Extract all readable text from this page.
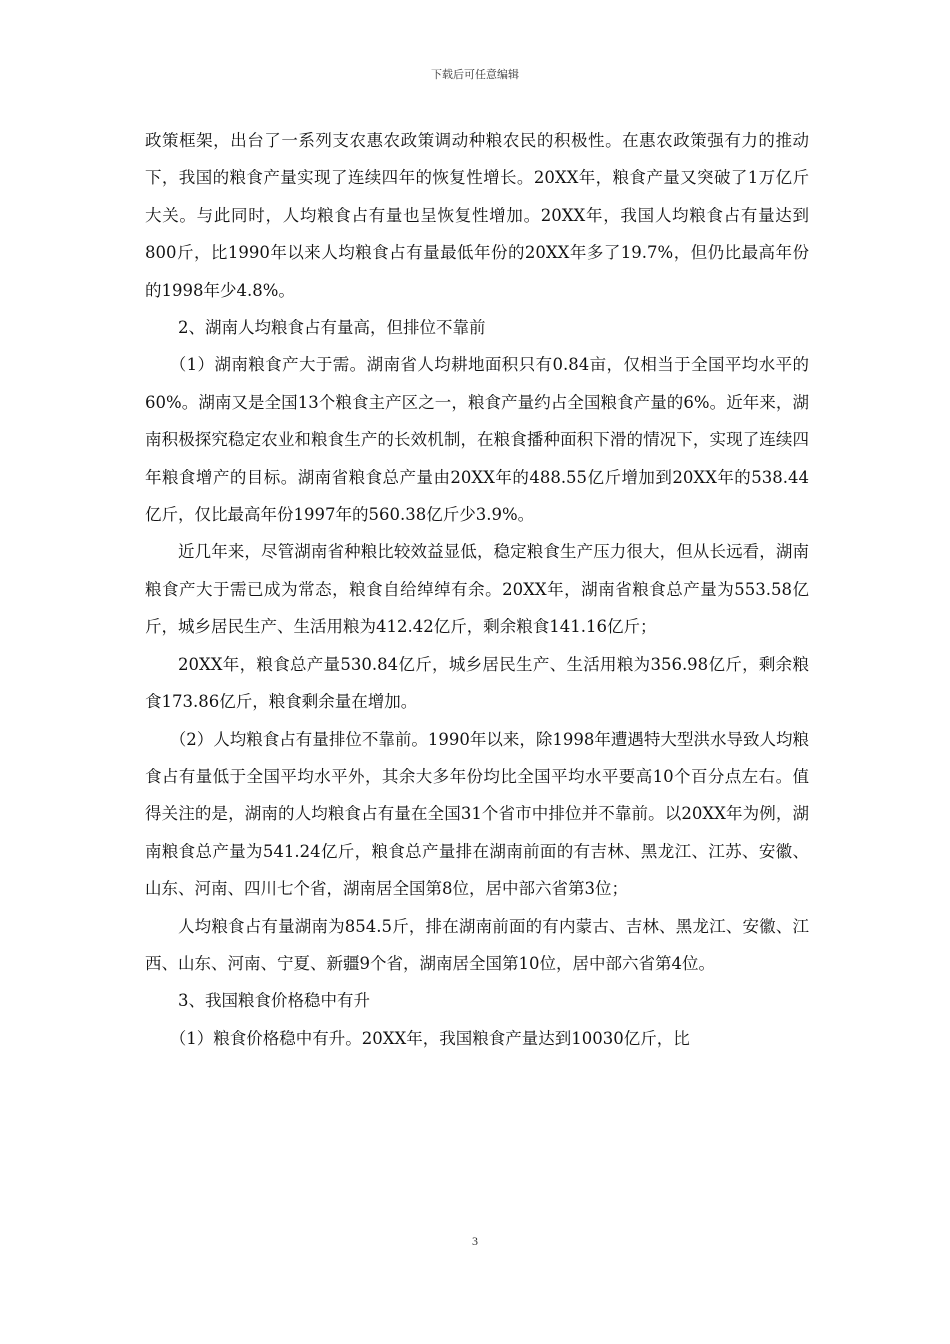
下载后可任意编辑

政策框架，出台了一系列支农惠农政策调动种粮农民的积极性。在惠农政策强有力的推动下，我国的粮食产量实现了连续四年的恢复性增长。20XX年，粮食产量又突破了1万亿斤大关。与此同时，人均粮食占有量也呈恢复性增加。20XX年，我国人均粮食占有量达到800斤，比1990年以来人均粮食占有量最低年份的20XX年多了19.7%，但仍比最高年份的1998年少4.8%。

2、湖南人均粮食占有量高，但排位不靠前

（1）湖南粮食产大于需。湖南省人均耕地面积只有0.84亩，仅相当于全国平均水平的60%。湖南又是全国13个粮食主产区之一，粮食产量约占全国粮食产量的6%。近年来，湖南积极探究稳定农业和粮食生产的长效机制，在粮食播种面积下滑的情况下，实现了连续四年粮食增产的目标。湖南省粮食总产量由20XX年的488.55亿斤增加到20XX年的538.44亿斤，仅比最高年份1997年的560.38亿斤少3.9%。

近几年来，尽管湖南省种粮比较效益显低，稳定粮食生产压力很大，但从长远看，湖南粮食产大于需已成为常态，粮食自给绰绰有余。20XX年，湖南省粮食总产量为553.58亿斤，城乡居民生产、生活用粮为412.42亿斤，剩余粮食141.16亿斤；

20XX年，粮食总产量530.84亿斤，城乡居民生产、生活用粮为356.98亿斤，剩余粮食173.86亿斤，粮食剩余量在增加。

（2）人均粮食占有量排位不靠前。1990年以来，除1998年遭遇特大型洪水导致人均粮食占有量低于全国平均水平外，其余大多年份均比全国平均水平要高10个百分点左右。值得关注的是，湖南的人均粮食占有量在全国31个省市中排位并不靠前。以20XX年为例，湖南粮食总产量为541.24亿斤，粮食总产量排在湖南前面的有吉林、黑龙江、江苏、安徽、山东、河南、四川七个省，湖南居全国第8位，居中部六省第3位；

人均粮食占有量湖南为854.5斤，排在湖南前面的有内蒙古、吉林、黑龙江、安徽、江西、山东、河南、宁夏、新疆9个省，湖南居全国第10位，居中部六省第4位。

3、我国粮食价格稳中有升

（1）粮食价格稳中有升。20XX年，我国粮食产量达到10030亿斤，比

3
